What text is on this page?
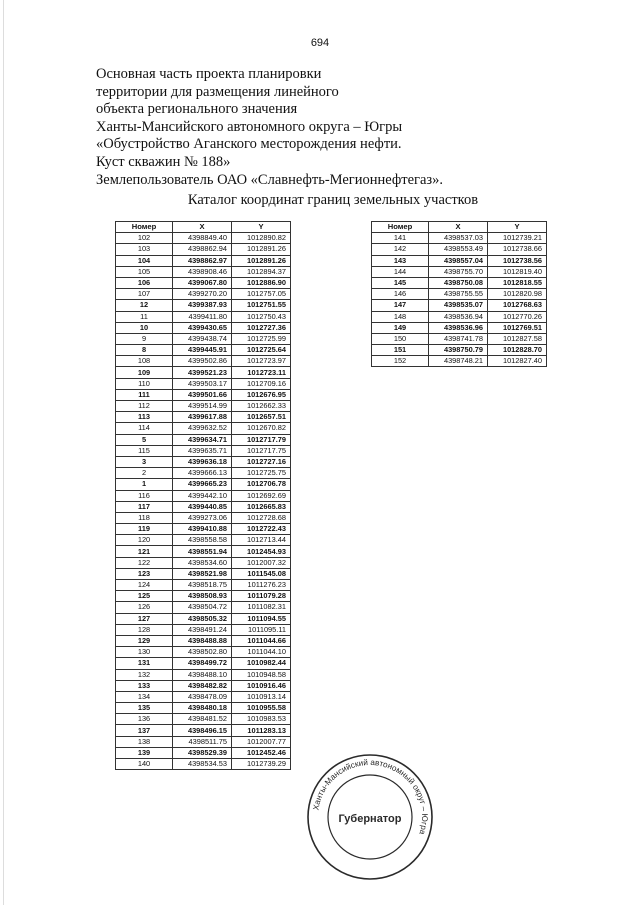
694
Основная часть проекта планировки
территории для размещения линейного
объекта регионального значения
Ханты-Мансийского автономного округа – Югры
«Обустройство Аганского месторождения нефти.
Куст скважин № 188»
Землепользователь ОАО «Славнефть-Мегионнефтегаз».
Каталог координат границ земельных участков
Номер	X	Y
102	4398849.40	1012890.82
103	4398862.94	1012891.26
104	4398862.97	1012891.26
105	4398908.46	1012894.37
106	4399067.80	1012886.90
107	4399270.20	1012757.05
12	4399387.93	1012751.55
11	4399411.80	1012750.43
10	4399430.65	1012727.36
9	4399438.74	1012725.99
8	4399445.91	1012725.64
108	4399502.86	1012723.97
109	4399521.23	1012723.11
110	4399503.17	1012709.16
111	4399501.66	1012676.95
112	4399514.99	1012662.33
113	4399617.88	1012657.51
114	4399632.52	1012670.82
5	4399634.71	1012717.79
115	4399635.71	1012717.75
3	4399636.18	1012727.16
2	4399666.13	1012725.75
1	4399665.23	1012706.78
116	4399442.10	1012692.69
117	4399440.85	1012665.83
118	4399273.06	1012728.68
119	4399410.88	1012722.43
120	4398558.58	1012713.44
121	4398551.94	1012454.93
122	4398534.60	1012007.32
123	4398521.98	1011545.08
124	4398518.75	1011276.23
125	4398508.93	1011079.28
126	4398504.72	1011082.31
127	4398505.32	1011094.55
128	4398491.24	1011095.11
129	4398488.88	1011044.66
130	4398502.80	1011044.10
131	4398499.72	1010982.44
132	4398488.10	1010948.58
133	4398482.82	1010916.46
134	4398478.09	1010913.14
135	4398480.18	1010955.58
136	4398481.52	1010983.53
137	4398496.15	1011283.13
138	4398511.75	1012007.77
139	4398529.39	1012452.46
140	4398534.53	1012739.29
Номер	X	Y
141	4398537.03	1012739.21
142	4398553.49	1012738.66
143	4398557.04	1012738.56
144	4398755.70	1012819.40
145	4398750.08	1012818.55
146	4398755.55	1012820.98
147	4398535.07	1012768.63
148	4398536.94	1012770.26
149	4398536.96	1012769.51
150	4398741.78	1012827.58
151	4398750.79	1012828.70
152	4398748.21	1012827.40
Ханты-Мансийский автономный округ – Югра
Губернатор
